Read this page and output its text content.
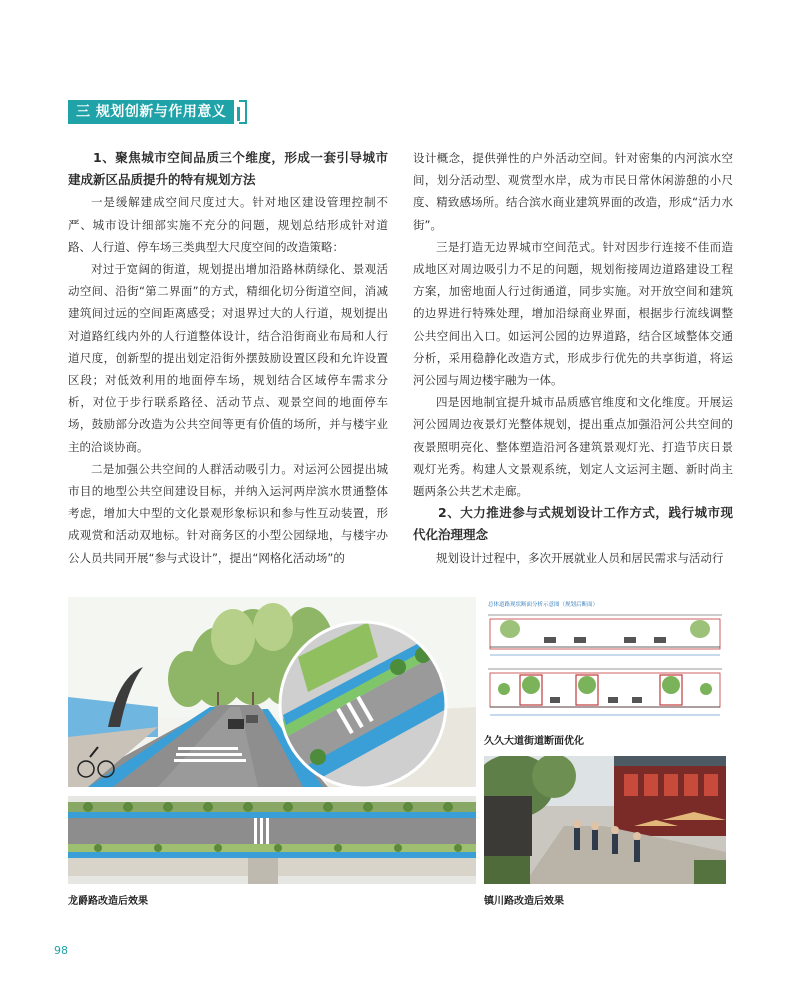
三 规划创新与作用意义
1、聚焦城市空间品质三个维度，形成一套引导城市建成新区品质提升的特有规划方法

一是缓解建成空间尺度过大。针对地区建设管理控制不严、城市设计细部实施不充分的问题，规划总结形成针对道路、人行道、停车场三类典型大尺度空间的改造策略：

对过于宽阔的街道，规划提出增加沿路林荫绿化、景观活动空间、沿街“第二界面”的方式，精细化切分街道空间，消减建筑间过远的空间距离感受；对退界过大的人行道，规划提出对道路红线内外的人行道整体设计，结合沿街商业布局和人行道尺度，创新型的提出划定沿街外摆鼓励设置区段和允许设置区段；对低效利用的地面停车场，规划结合区域停车需求分析，对位于步行联系路径、活动节点、观景空间的地面停车场，鼓励部分改造为公共空间等更有价值的场所，并与楼宇业主的洽谈协商。

二是加强公共空间的人群活动吸引力。对运河公园提出城市目的地型公共空间建设目标，并纳入运河两岸滨水贯通整体考虑，增加大中型的文化景观形象标识和参与性互动装置，形成观赏和活动双地标。针对商务区的小型公园绿地，与楼宇办公人员共同开展“参与式设计”，提出“网格化活动场”的

设计概念，提供弹性的户外活动空间。针对密集的内河滨水空间，划分活动型、观赏型水岸，成为市民日常休闲游憩的小尺度、精致感场所。结合滨水商业建筑界面的改造，形成“活力水街”。

三是打造无边界城市空间范式。针对因步行连接不佳而造成地区对周边吸引力不足的问题，规划衔接周边道路建设工程方案，加密地面人行过街通道，同步实施。对开放空间和建筑的边界进行特殊处理，增加沿绿商业界面，根据步行流线调整公共空间出入口。如运河公园的边界道路，结合区域整体交通分析，采用稳静化改造方式，形成步行优先的共享街道，将运河公园与周边楼宇融为一体。

四是因地制宜提升城市品质感官维度和文化维度。开展运河公园周边夜景灯光整体规划，提出重点加强沿河公共空间的夜景照明亮化、整体塑造沿河各建筑景观灯光、打造节庆日景观灯光秀。构建人文景观系统，划定人文运河主题、新时尚主题两条公共艺术走廊。

2、大力推进参与式规划设计工作方式，践行城市现代化治理理念

规划设计过程中，多次开展就业人员和居民需求与活动行

龙爵路改造后效果
总体道路现状断面分析示意图（规划后断面）
久久大道街道断面优化
镇川路改造后效果
98
